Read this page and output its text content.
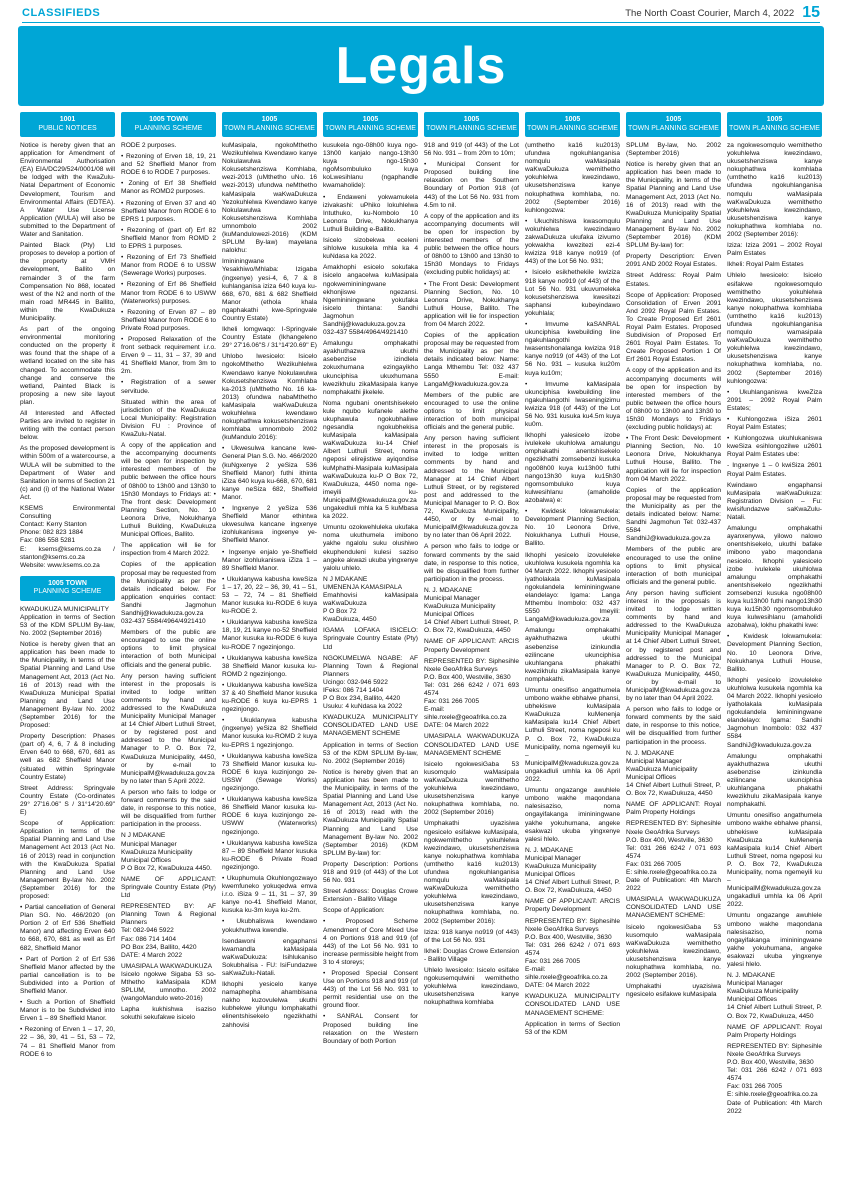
CLASSIFIEDS	The North Coast Courier, March 4, 2022 15
Legals
1001
PUBLIC NOTICES

Notice is hereby given that an application for Amendment of Environmental Authorisation (EA) EIA/DC29/524/0001/08 will be lodged with the KwaZulu-Natal Department of Economic Development, Tourism and Environmental Affairs (EDTEA). A Water Use License Application (WULA) will also be submitted to the Department of Water and Sanitation.

Painted Black (Pty) Ltd proposes to develop a portion of the property at VMH development, Ballito on remainder 3 of the farm Compensation No 868, located west of the N2 and north of the main road MR445 in Ballito, within the KwaDukuza Municipality.

As part of the ongoing environmental monitoring conducted on the property it was found that the shape of a wetland located on the site has changed. To accommodate this change and conserve the wetland, Painted Black is proposing a new site layout plan.

All Interested and Affected Parties are invited to register in writing with the contact person below.

As the proposed development is within 500m of a watercourse, a WULA will be submitted to the Department of Water and Sanitation in terms of Section 21 (c) and (i) of the National Water Act.

KSEMS Environmental Consulting
Contact: Kerry Stanton
Phone: 082 823 1884
Fax: 086 558 5281
E: ksems@ksems.co.za / stanton@ksems.co.za
Website: www.ksems.co.za

1005 TOWN
PLANNING SCHEME

KWADUKUZA MUNICIPALITY
Application in terms of Section 53 of the KDM SPLUM By-law, No. 2002 (September 2016)

Notice is hereby given that an application has been made to the Municipality, in terms of the Spatial Planning and Land Use Management Act, 2013 (Act No. 16 of 2013) read with the KwaDukuza Municipal Spatial Planning and Land Use Management By-law No. 2002 (September 2016) for the Proposed:

Property Description: Phases (part of) 4, 6, 7 & 8 including Erven 640 to 668, 670, 681 as well as 682 Sheffield Manor (situated within Springvale Country Estate)

Street Address: Springvale Country Estate (Co-ordinates 29° 27'16.06" S / 31°14'20.69" E)

Scope of Application: Application in terms of the Spatial Planning and Land Use Management Act 2013 (Act No. 16 of 2013) read in conjunction with the KwaDukuza Spatial Planning and Land Use Management By-law No. 2002 (September 2016) for the proposed:

• Partial cancellation of General Plan SG. No. 466/2020 (on Portion 2 of Erf 536 Sheffield Manor) and affecting Erven 640 to 668, 670, 681 as well as Erf 682, Sheffield Manor

• Part of Portion 2 of Erf 536 Sheffield Manor affected by the partial cancellation is to be Subdivided into a Portion of Sheffield Manor.

• Such a Portion of Sheffield Manor is to be Subdivided into Erven 1 – 89 Sheffield Manor.

• Rezoning of Erven 1 – 17, 20, 22 – 36, 39, 41 – 51, 53 – 72, 74 – 81 Sheffield Manor from RODE 6 to

1005 TOWN
PLANNING SCHEME

RODE 2 purposes.

• Rezoning of Erven 18, 19, 21 and 52 Sheffield Manor from RODE 6 to RODE 7 purposes.

• Zoning of Erf 38 Sheffield Manor as ROMD2 purposes.

• Rezoning of Erven 37 and 40 Sheffield Manor from RODE 6 to EPRS 1 purposes.

• Rezoning of (part of) Erf 82 Sheffield Manor from ROMD 2 to EPRS 1 purposes.

• Rezoning of Erf 73 Sheffield Manor from RODE 6 to USSW (Sewerage Works) purposes.

• Rezoning of Erf 86 Sheffield Manor from RODE 6 to USWW (Waterworks) purposes.

• Rezoning of Erven 87 – 89 Sheffield Manor from RODE 6 to Private Road purposes.

• Proposed Relaxation of the front setback requirement i.r.o. Erven 9 – 11, 31 – 37, 39 and 41 Sheffield Manor, from 3m to 2m.

• Registration of a sewer servitude.

Situated within the area of jurisdiction of the KwaDukuza Local Municipality: Registration Division FU : Province of KwaZulu-Natal.

A copy of the application and the accompanying documents will be open for inspection by interested members of the public between the office hours of 08h00 to 13h00 and 13h30 to 15h30 Mondays to Fridays at: • The front desk: Development Planning Section, No. 10 Leonora Drive, Nokukhanya Luthuli Building, KwaDukuza Municipal Offices, Ballito.

The application will lie for inspection from 4 March 2022.

Copies of the application proposal may be requested from the Municipality as per the details indicated below. For application enquiries contact: Sandhi Jagmohun Sandhij@kwadukuza.gov.za 032-437 5584/4964/4921410

Members of the public are encouraged to use the online options to limit physical interaction of both Municipal officials and the general public.

Any person having sufficient interest in the proposals is invited to lodge written comments by hand and addressed to the KwaDukuza Municipality Municipal Manager at 14 Chief Albert Luthuli Street, or by registered post and addressed to the Municipal Manager to P. O. Box 72, KwaDukuza Municipality, 4450, or by e-mail to MunicipalM@kwadukuza.gov.za by no later than 5 April 2022.

A person who fails to lodge or forward comments by the said date, in response to this notice, will be disqualified from further participation in the process.

N J MDAKANE
Municipal Manager
KwaDukuza Municipality
Municipal Offices
P O Box 72, KwaDukuza 4450.

NAME OF APPLICANT: Springvale Country Estate (Pty) Ltd

REPRESENTED BY: AF Planning Town & Regional Planners
Tel: 082-946 5922
Fax: 086 714 1404
PO Box 234, Ballito, 4420
DATE: 4 March 2022

UMASIPALA WAKWADUKUZA
Isicelo ngokwe Sigaba 53 so-Mthetho kaMasipala KDM SPLUM, umnotho. 2002 (wangoMandulo weto-2016)

Lapha kukhishwa isaziso sokuthi sekufakwe isicelo

1005
TOWN PLANNING SCHEME

kuMasipala, ngokoMthetho Wezikuhlelwa Kwendawo kanye Nokulawulwa Kokusetshenziswa Komhlaba, wezi-2013 (uMthetho uNo. 16 wezi-2013) ufundwa neMthetho kaMasipala waKwaDukuza Yezokuhlelwa Kwendawo kanye Nokulawulwa Kokusetshenziswa Komhlaba umnombolo 2002 (kuMandulowezi-2016) (KDM SPLUM By-law) mayelana nalokhu:

Imininingwane Yesakhiwo/Mhlaba: Izigaba (ingxenye) yesi-4, 6, 7 & 8 kuhlanganisa iziza 640 kuya ku-668, 670, 681 & 682 Sheffield Manor (ethola khala ngaphakathi kwe-Springvale Country Estate)

Ikheli lomgwaqo: I-Springvale Country Estate (Ikhangeleno 29° 27'16.06"S / 31°14'20.69" E)

Uhlobo lwesicelo: Isicelo ngokoMthetho Wezikuhlelwa Kwendawo kanye Nokulawulwa Kokusetshenziswa Komhlaba ka-2013 (uMthetho No. 16 ka-2013) ofundwa nabaMthetho kaMasipala waKwaDukuza wokuhlelwa kwendawo nokuphathwa kokusetshenziswa komhlaba umnombolo 2002 (kuMandulo 2016):

• Ukwesulwa kancane kwe-General Plan S.G. No. 466/2020 (kuNgxenye 2 yeSiza 536 Sheffield Manor) futhi ithinta iZiza 640 kuya ku-668, 670, 681 kanye neSiza 682, Sheffield Manor.

• Ingxenye 2 yeSiza 536 Sheffield Manor ethintwa ukwesulwa kancane ingxenye izohlukaniswa ingxenye ye-Sheffield Manor.

• Ingxenye enjalo ye-Sheffield Manor izohlukaniswa iZiza 1 – 89 Sheffield Manor.

• Ukuklanywa kabusha kweSiza 1 – 17, 20, 22 – 36, 39, 41 – 51, 53 – 72, 74 – 81 Sheffield Manor kusuka ku-RODE 6 kuya ku-RODE 2.

• Ukuklanywa kabusha kweSiza 18, 19, 21 kanye no-52 Sheffield Manor kusuka ku-RODE 6 kuya ku-RODE 7 ngezinjongo.

• Ukuklanywa kabusha kweSiza 38 Sheffield Manor kusuka ku-ROMD 2 ngezinjongo.

• Ukuklanywa kabusha kweSiza 37 & 40 Sheffield Manor kusuka ku-RODE 6 kuya ku-EPRS 1 ngezinjongo.

• Ukuklanywa kabusha (ingxenye) yeSiza 82 Sheffield Manor kusuka ku-ROMD 2 kuya ku-EPRS 1 ngezinjongo.

• Ukuklanywa kabusha kweSiza 73 Sheffield Manor kusuka ku-RODE 6 kuya kuzinjongo ze-USSW (Sewage Works) ngezinjongo.

• Ukuklanywa kabusha kweSiza 86 Sheffield Manor kusuka ku-RODE 6 kuya kuzinjongo ze-USWW (Waterworks) ngezinjongo.

• Ukuklanywa kabusha kweSiza 87 – 89 Sheffield Manor kusuka ku-RODE 6 Private Road ngezinjongo.

• Ukuphumula Okuhlongozwayo kwemfuneko yokuqedwa emva i.r.o. iSiza 9 – 11, 31 – 37, 39 kanye no-41 Sheffield Manor, kusuka ku-3m kuya ku-2m.

• Ukubhaliswa kwendawo yokukhuthwa kwendle.

Isendawoni engaphansi kwamandla kaMasipala waKwaDukuza: Isihlukaniso Sokubhalisa - FU: IsiFundazwe saKwaZulu-Natali.

Ikhophi yesicelo kanye namaphepha ahambisana nakho kuzovulelwa ukuthi kubhekwe yilungu lomphakathi elinentshisekelo ngezikhathi zahhovisi

1005
TOWN PLANNING SCHEME

kusukela ngo-08h00 kuya ngo-13h00 kanjalo nango-13h30 kuya ngo-15h30 ngoMsombuluko kuya koLwesihlanu (ngaphandle kwamaholide):

• Endaweni yokwamukela izivakashi: uPhiko lokuhlelwa Intuthuko, ku-Nombolo 10 Leonora Drive, Nokukhanya Luthuli Building e-Ballito.

Isicelo sizobekwa eceleni sihlolwe kusukela mhla ka 4 kuNdasa ka 2022.

Amakhophi esicelo sokufaka isicelo angacelwa kuMasipala ngokwemininingwane ekhonjiswe ngezansi. Ngemininingwane yokufaka isicelo thintana: Sandhi Jagmohun Sandhij@kwadukuza.gov.za 032-437 5584/4964/4921410

Amalungu omphakathi ayakhuthazwa ukuthi asebenzise izindlela zokuxhumana ezingayikho ukunciphisa ukuxhumana kwezikhulu zikaMasipala kanye nomphakathi jikelele.

Noma ngubani onentshisekelo kule nqubo kufanele alethe ukuphawula ngokubhaliwe ngesandla ngokubhekisa kuMasipala kaMasipala waKwaDukuza ku-14 Chief Albert Luthuli Street, noma ngeposi elirejistiwe ayiqondise kuMphathi-Masipala kuMasipala waKwaDukuza ku-P O Box 72, KwaDukuza, 4450 noma nge-imeyili ku-MunicipalM@kwadukuza.gov.za ungakedluli mhla ka 5 kuMbasa ka 2022.

Umuntu ozokwehluleka ukufaka noma ukuthumela imibono yakhe ngalolu suku olushiwo ekuphenduleni kulesi saziso angeke akwazi ukuba yingxenye yalolu uhlelo.

N J MDAKANE
UMENENJA KAMASIPALA
Emahhovisi kaMasipala waKwaDukuza
P O Box 72
KwaDukuza, 4450

IGAMA LOFAKA ISICELO: Springvale Country Estate (Pty) Ltd

NGOKUMELWA NGABE: AF Planning Town & Regional Planners
Ucingo: 032-946 5922
IFeks: 086 714 1404
P O Box 234, Ballito, 4420
Usuku: 4 kuNdasa ka 2022

KWADUKUZA MUNICIPALITY CONSOLIDATED LAND USE MANAGEMENT SCHEME

Application in terms of Section 53 of the KDM SPLUM By-law, No. 2002 (September 2016)

Notice is hereby given that an application has been made to the Municipality, in terms of the Spatial Planning and Land Use Management Act, 2013 (Act No. 16 of 2013) read with the KwaDukuza Municipality Spatial Planning and Land Use Management By-law No. 2002 (September 2016) (KDM SPLUM By-law) for:

Property Description: Portions 918 and 919 (of 443) of the Lot 56 No. 931

Street Address: Douglas Crowe Extension - Ballito Village

Scope of Application:

• Proposed Scheme Amendment of Core Mixed Use 4 on Portions 918 and 919 (of 443) of the Lot 56 No. 931 to increase permissible height from 3 to 4 storeys;

• Proposed Special Consent Use on Portions 918 and 919 (of 443) of the Lot 56 No. 931 to permit residential use on the ground floor.

• SANRAL Consent for Proposed building line relaxation on the Western Boundary of both Portion

1005
TOWN PLANNING SCHEME

918 and 919 (of 443) of the Lot 56 No. 931 – from 20m to 10m;

• Municipal Consent for Proposed building line relaxation on the Southern Boundary of Portion 918 (of 443) of the Lot 56 No. 931 from 4.5m to nil.

A copy of the application and its accompanying documents will be open for inspection by interested members of the public between the office hours of 08h00 to 13h00 and 13h30 to 15h30 Mondays to Fridays (excluding public holidays) at:

• The Front Desk: Development Planning Section, No. 10 Leonora Drive, Nokukhanya Luthuli House, Ballito. The application will lie for inspection from 04 March 2022.

Copies of the application proposal may be requested from the Municipality as per the details indicated below: Name: Langa Mthembu Tel: 032 437 5550 E-mail: LangaM@kwadukuza.gov.za

Members of the public are encouraged to use the online options to limit physical interaction of both municipal officials and the general public.

Any person having sufficient interest in the proposals is invited to lodge written comments by hand and addressed to the Municipal Manager at 14 Chief Albert Luthuli Street, or by registered post and addressed to the Municipal Manager to P. O. Box 72, KwaDukuza Municipality, 4450, or by e-mail to MunicipalM@kwadukuza.gov.za by no later than 06 April 2022.

A person who fails to lodge or forward comments by the said date, in response to this notice, will be disqualified from further participation in the process.

N. J. MDAKANE
Municipal Manager
KwaDukuza Municipality
Municipal Offices
14 Chief Albert Luthuli Street, P. O. Box 72, KwaDukuza, 4450

NAME OF APPLICANT: ARCIS Property Development

REPRESENTED BY: Siphesihle Nxele GeoAfrika Surveys
P.O. Box 400, Westville, 3630
Tel: 031 266 6242 / 071 693 4574
Fax: 031 266 7005
E-mail: sihle.nxele@geoafrika.co.za
DATE: 04 March 2022

UMASIPALA WAKWADUKUZA CONSOLIDATED LAND USE MANAGEMENT SCHEME

Isicelo ngokwesiGaba 53 kusomqulo waMasipala waKwaDukuza wemithetho yokuhlelwa kwezindawo, ukusetshenziswa kanye nokuphathwa komhlaba, no. 2002 (September 2016)

Umphakathi uyazisiwa ngesicelo esifakwe kuMasipala, ngokwemithetho yokuhlelwa kwezindawo, ukusetshenziswa kanye nokuphathwa komhlaba (umthetho ka16 ku2013) ufundwa ngokuhlanganisa nomqulu waMasipala waKwaDukuza wemithetho yokuhlelwa kwezindawo, ukusetshenziswa kanye nokuphathwa komhlaba, no. 2002 (September 2016):

Iziza: 918 kanye no919 (of 443) of the Lot 56 No. 931

Ikheli: Douglas Crowe Extension - Ballito Village

Uhlelo lwesicelo: Isicelo esifake ngokusemqulwini wemithetho yokuhlelwa kwezindawo, ukusetshenziswa kanye nokuphathwa komhlaba

1005
TOWN PLANNING SCHEME

(umthetho ka16 ku2013) ufundwa ngokuhlanganisa nomqulu waMasipala waKwaDukuza wemithetho yokuhlelwa kwezindawo, ukusetshenziswa kanye nokuphathwa komhlaba, no. 2002 (September 2016) kuhlongozwa:

• Ukuchitshiswa kwasomqulu wokuhlelwa kwezindawo zakwaDukuza ukufaka izivumo yokwakha kwezitezi ezi-4 kwiziza 918 kanye no919 (of 443) of the Lot 56 No. 931;

• Isicelo esikhethekile kwiziza 918 kanye no919 (of 443) of the Lot 56 No. 931 ukuvumeleka kokusetshenziswa kwesitezi saphansi kubeyindawo yokuhlala;

• Imvume kaSANRAL ukunciphisa kwebuilding line ngakuhlangothi lwasentshonalanga kwiziza 918 kanye no919 (of 443) of the Lot 56 No. 931 – kusuka ku20m kuya ku10m;

• Imvume kaMasipala ukunciphisa kwebuilding line ngakuhlangothi lwaseningizimu kwiziza 918 (of 443) of the Lot 56 No. 931 kusuka ku4.5m kuya ku0m.

Ikhophi yalesicelo izobe ivulekele ukuhlolwa amalungu omphakathi anentshisekelo ngezikhathi zomsebenzi kusuka ngo08h00 kuya ku13h00 futhi nango13h30 kuya ku15h30 ngomsombuluko kuya kulwesihlanu (amaholide azobalwa) e:

• Kwidesk lokwamukela: Development Planning Section, No. 10 Leonora Drive, Nokukhanya Luthuli House, Ballito.

Ikhophi yesicelo izovuleleke ukuhlolwa kusukela ngomhla ka 04 March 2022. Ikhophi yesicelo iyatholakala kuMasipala ngokulandela lemininingwane elandelayo: Igama: Langa Mthembu Inombolo: 032 437 5550 Imeyili: LangaM@kwadukuza.gov.za

Amalungu omphakathi ayakhuthazwa ukuthi asebenzise izinkundla ezilincane ukunciphisa ukuhlangana phakathi kwezikhulu zikaMasipala kanye nomphakathi.

Umuntu onesifiso angathumela umbono wakhe ebhalwe phansi, ubhekiswe kuMasipala KwaDukuza kuMenenja kaMasipala ku14 Chief Albert Luthuli Street, noma ngeposi ku P. O. Box 72, KwaDukuza Municipality, noma ngemeyili ku – MunicipalM@kwadukuza.gov.za ungakadluli umhla ka 06 April 2022.

Umuntu ongazange awuhlele umbono wakhe maqondana nalesisaziso, noma ongayifakanga imininingwane yakhe yokuhumana, angeke esakwazi ukuba yingxenye yalesi hlelo.

N. J. MDAKANE
Municipal Manager
KwaDukuza Municipality
Municipal Offices
14 Chief Albert Luthuli Street, P. O. Box 72, KwaDukuza, 4450

NAME OF APPLICANT: ARCIS Property Development

REPRESENTED BY: Siphesihle Nxele GeoAfrika Surveys
P.O. Box 400, Westville, 3630
Tel: 031 266 6242 / 071 693 4574
Fax: 031 266 7005
E-mail: sihle.nxele@geoafrika.co.za
DATE: 04 March 2022

KWADUKUZA MUNICIPALITY CONSOLIDATED LAND USE MANAGEMENT SCHEME:

Application in terms of Section 53 of the KDM

1005
TOWN PLANNING SCHEME

SPLUM By-law, No. 2002 (September 2016)

Notice is hereby given that an application has been made to the Municipality, in terms of the Spatial Planning and Land Use Management Act, 2013 (Act No. 16 of 2013) read with the KwaDukuza Municipality Spatial Planning and Land Use Management By-law No. 2002 (September 2016) (KDM SPLUM By-law) for:

Property Description: Erven 2091 AND 2002 Royal Estates.

Street Address: Royal Palm Estates.

Scope of Application: Proposed Consolidation of Erven 2091 And 2092 Royal Palm Estates. To Create Proposed Erf 2601 Royal Palm Estates. Proposed Subdivision of Proposed Erf 2601 Royal Palm Estates. To Create Proposed Portion 1 Of Erf 2601 Royal Estates.

A copy of the application and its accompanying documents will be open for inspection by interested members of the public between the office hours of 08h00 to 13h00 and 13h30 to 15h30 Mondays to Fridays (excluding public holidays) at:

• The Front Desk: Development Planning Section, No. 10 Leonora Drive, Nokukhanya Luthuli House, Ballito. The application will lie for inspection from 04 March 2022.

Copies of the application proposal may be requested from the Municipality as per the details indicated below: Name: Sandhi Jagmohun Tel: 032-437 5584 SandhiJ@kwadukuza.gov.za

Members of the public are encouraged to use the online options to limit physical interaction of both municipal officials and the general public.

Any person having sufficient interest in the proposals is invited to lodge written comments by hand and addressed to the KwaDukuza Municipality Municipal Manager at 14 Chief Albert Luthuli Street, or by registered post and addressed to the Municipal Manager to P. O. Box 72, KwaDukuza Municipality, 4450, or by e-mail to MunicipalM@kwadukuza.gov.za by no later than 04 April 2022.

A person who fails to lodge or forward comments by the said date, in response to this notice, will be disqualified from further participation in the process.

N. J. MDAKANE
Municipal Manager
KwaDukuza Municipality
Municipal Offices
14 Chief Albert Luthuli Street, P. O. Box 72, KwaDukuza, 4450

NAME OF APPLICANT: Royal Palm Property Holdings

REPRESENTED BY: Siphesihle Nxele GeoAfrika Surveys
P.O. Box 400, Westville, 3630
Tel: 031 266 6242 / 071 693 4574
Fax: 031 266 7005
E: sihle.nxele@geoafrika.co.za
Date of Publication: 4th March 2022

UMASIPALA WAKWADUKUZA CONSOLIDATED LAND USE MANAGEMENT SCHEME:

Isicelo ngokwesiGaba 53 kusomqulo waMasipala waKwaDukuza wemithetho yokuhlelwa kwezindawo, ukusetshenziswa kanye nokuphathwa komhlaba, no. 2002 (September 2016).

Umphakathi uyazisiwa ngesicelo esifakwe kuMasipala

1005
TOWN PLANNING SCHEME

za ngokwesomqulo wemithetho yokuhlelwa kwezindawo, ukusetshenziswa kanye nokuphathwa komhlaba (umthetho ka16 ku2013) ufundwa ngokuhlanganisa nomqulu waMasipala waKwaDukuza wemithetho yokuhlelwa kwezindawo, ukusetshenziswa kanye nokuphathwa komhlaba no. 2002 (September 2016):

Iziza: Iziza 2091 – 2002 Royal Palm Estates

Ikheli: Royal Palm Estates

Uhlelo lwesicelo: Isicelo esifakwe ngokwesomqulo wemithetho yokuhlelwa kwezindawo, ukusetshenziswa kanye nokuphathwa komhlaba (umthetho ka16 ku2013) ufundwa ngokuhlanganisa nomqulo wamasipala waKwaDukuza wemithetho yokuhlelwa kwezindawo, ukusetshenziswa kanye nokuphathwa komhlaba, no. 2002 (September 2016) kuhlongozwa:

• Ukuhlanganiswa kweZiza 2091 – 2092 Royal Palm Estates;

• Kuhlongozwa iSiza 2601 Royal Palm Estates;

• Kuhlongozwa ukuhlukaniswa kweSiza esihlongozilwe u2601 Royal Palm Estates ube:

- Ingxenye 1 – 0 kwiSiza 2601 Royal Palm Estates.

Kwindawo engaphansi kuMasipala waKwaDukuza: Registration Division – Fu: kwisifundazwe saKwaZulu-Natali.

Amalungu omphakathi ayanxenywa, yilowo nalowo onentshisekelo, ukuthi bafake imibono yabo maqondana nesicelo. Ikhophi yalesicelo izobe ivulekele ukuhlolwa amalungu omphakathi anentshisekelo ngezikhathi zomsebenzi kusuka ngo08h00 kuya ku13h00 futhi nango13h30 kuya ku15h30 ngomsombuluko kuya kulwesihlanu (amaholidi azobalwa), lokhu phakathi kwe:

• Kwidesk lokwamukela: Development Planning Section, No. 10 Leonora Drive, Nokukhanya Luthuli House, Ballito.

Ikhophi yesicelo izovuleleke ukuhlolwa kusukela ngomhla ka 04 March 2022. Ikhophi yesicelo iyatholakala kuMasipala ngokulandela lemininingwane elandelayo: Igama: Sandhi Jagmohun Inombolo: 032 437 5584 SandhiJ@kwadukuza.gov.za

Amalungu omphakathi ayakhuthazwa ukuthi asebenzise izinkundla ezilincane ukunciphisa ukuhlangana phakathi kwezikhulu zikaMasipala kanye nomphakathi.

Umuntu onesifiso angathumela umbono wakhe ebhalwe phansi, ubhekiswe kuMasipala KwaDukuza kuMenenja kaMasipala ku14 Chief Albert Luthuli Street, noma ngeposi ku P. O. Box 72, KwaDukuza Municipality, noma ngemeyili ku – MunicipalM@kwadukuza.gov.za ungakadluli umhla ka 06 April 2022.

Umuntu ongazange awuhlele umbono wakhe maqondana nalesisaziso, noma ongayifakanga imininingwane yakhe yokuhumana, angeke esakwazi ukuba yingxenye yalesi hlelo.

N. J. MDAKANE
Municipal Manager
KwaDukuza Municipality
Municipal Offices
14 Chief Albert Luthuli Street, P. O. Box 72, KwaDukuza, 4450

NAME OF APPLICANT: Royal Palm Property Holdings

REPRESENTED BY: Siphesihle Nxele GeoAfrika Surveys
P.O. Box 400, Westville, 3630
Tel: 031 266 6242 / 071 693 4574
Fax: 031 266 7005
E: sihle.nxele@geoafrika.co.za
Date of Publication: 4th March 2022
